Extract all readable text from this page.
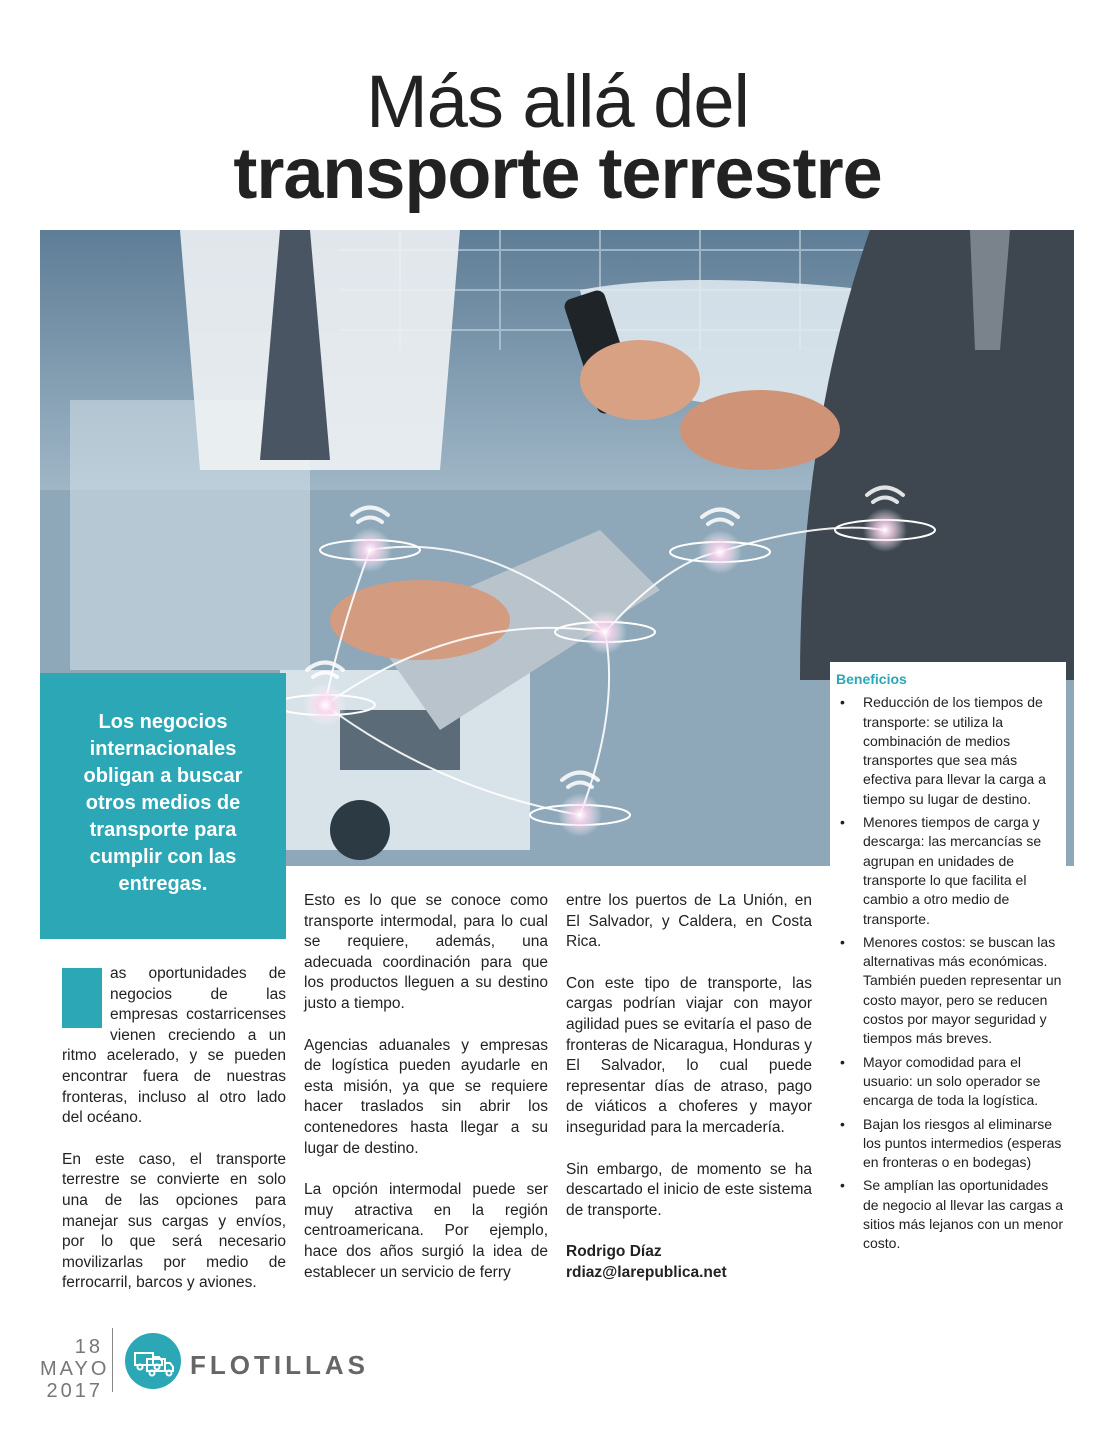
Más allá del
transporte terrestre
Los negocios internacionales obligan a buscar otros medios de transporte para cumplir con las entregas.

L as oportunidades de negocios de las empresas costarricenses vienen creciendo a un ritmo acelerado, y se pueden encontrar fuera de nuestras fronteras, incluso al otro lado del océano.

En este caso, el transporte terrestre se convierte en solo una de las opciones para manejar sus cargas y envíos, por lo que será necesario movilizarlas por medio de ferrocarril, barcos y aviones.

Esto es lo que se conoce como transporte intermodal, para lo cual se requiere, además, una adecuada coordinación para que los productos lleguen a su destino justo a tiempo.

Agencias aduanales y empresas de logística pueden ayudarle en esta misión, ya que se requiere hacer traslados sin abrir los contenedores hasta llegar a su lugar de destino.

La opción intermodal puede ser muy atractiva en la región centroamericana. Por ejemplo, hace dos años surgió la idea de establecer un servicio de ferry

entre los puertos de La Unión, en El Salvador, y Caldera, en Costa Rica.

Con este tipo de transporte, las cargas podrían viajar con mayor agilidad pues se evitaría el paso de fronteras de Nicaragua, Honduras y El Salvador, lo cual puede representar días de atraso, pago de viáticos a choferes y mayor inseguridad para la mercadería.

Sin embargo, de momento se ha descartado el inicio de este sistema de transporte.

Rodrigo Díaz
rdiaz@larepublica.net
Beneficios
• Reducción de los tiempos de transporte: se utiliza la combinación de medios transportes que sea más efectiva para llevar la carga a tiempo su lugar de destino.
• Menores tiempos de carga y descarga: las mercancías se agrupan en unidades de transporte lo que facilita el cambio a otro medio de transporte.
• Menores costos: se buscan las alternativas más económicas. También pueden representar un costo mayor, pero se reducen costos por mayor seguridad y tiempos más breves.
• Mayor comodidad para el usuario: un solo operador se encarga de toda la logística.
• Bajan los riesgos al eliminarse los puntos intermedios (esperas en fronteras o en bodegas)
• Se amplían las oportunidades de negocio al llevar las cargas a sitios más lejanos con un menor costo.
18
MAYO
2017
FLOTILLAS
